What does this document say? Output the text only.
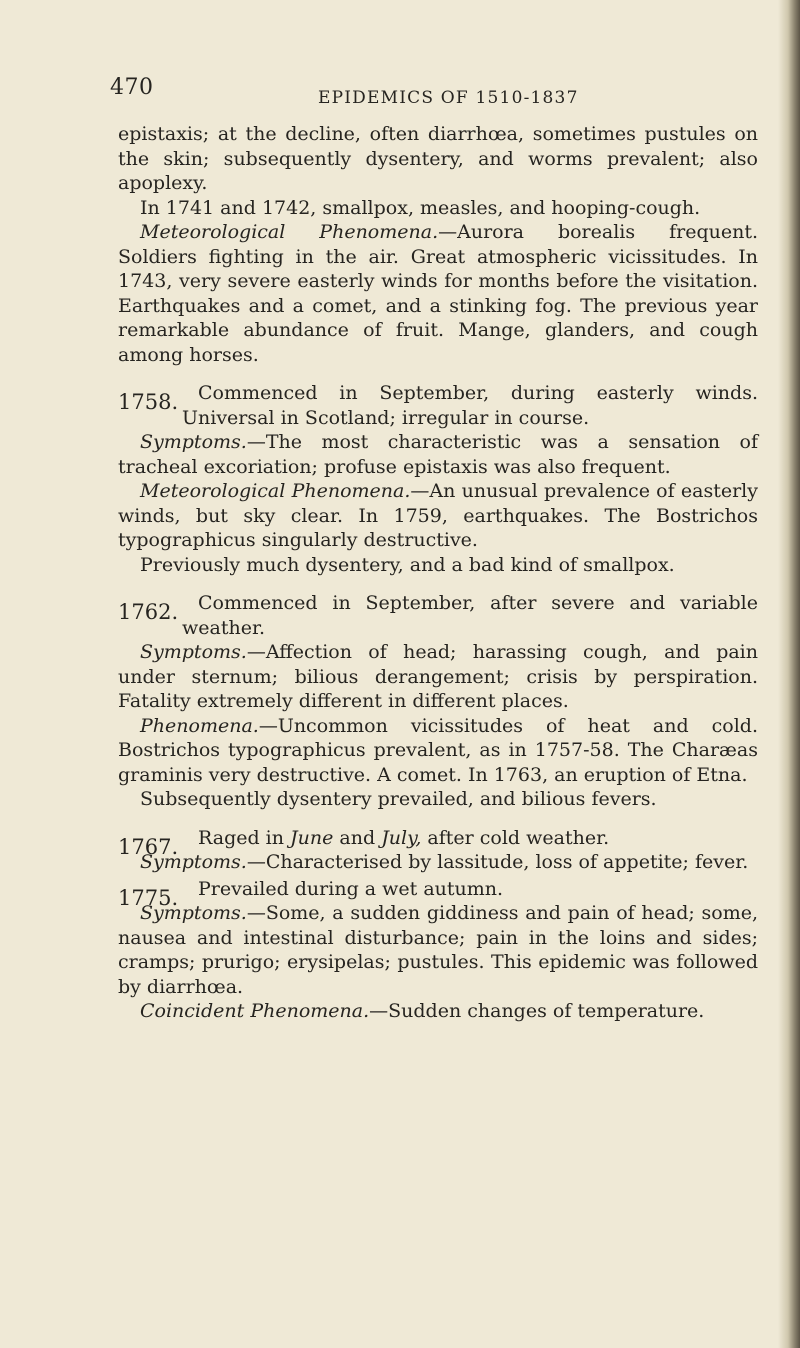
470	EPIDEMICS OF 1510-1837

epistaxis; at the decline, often diarrhœa, sometimes pustules on the skin; subsequently dysentery, and worms prevalent; also apoplexy.

In 1741 and 1742, smallpox, measles, and hooping-cough.

Meteorological Phenomena.—Aurora borealis frequent. Soldiers fighting in the air. Great atmospheric vicissitudes. In 1743, very severe easterly winds for months before the visitation. Earthquakes and a comet, and a stinking fog. The previous year remarkable abundance of fruit. Mange, glanders, and cough among horses.

1758.	Commenced in September, during easterly winds. Universal in Scotland; irregular in course.

Symptoms.—The most characteristic was a sensation of tracheal excoriation; profuse epistaxis was also frequent.

Meteorological Phenomena.—An unusual prevalence of easterly winds, but sky clear. In 1759, earthquakes. The Bostrichos typographicus singularly destructive.

Previously much dysentery, and a bad kind of smallpox.

1762.	Commenced in September, after severe and variable weather.

Symptoms.—Affection of head; harassing cough, and pain under sternum; bilious derangement; crisis by perspiration. Fatality extremely different in different places.

Phenomena.—Uncommon vicissitudes of heat and cold. Bostrichos typographicus prevalent, as in 1757-58. The Charæas graminis very destructive. A comet. In 1763, an eruption of Etna.

Subsequently dysentery prevailed, and bilious fevers.

1767.	Raged in June and July, after cold weather.

Symptoms.—Characterised by lassitude, loss of appetite; fever.

1775.	Prevailed during a wet autumn.

Symptoms.—Some, a sudden giddiness and pain of head; some, nausea and intestinal disturbance; pain in the loins and sides; cramps; prurigo; erysipelas; pustules. This epidemic was followed by diarrhœa.

Coincident Phenomena.—Sudden changes of temperature.
